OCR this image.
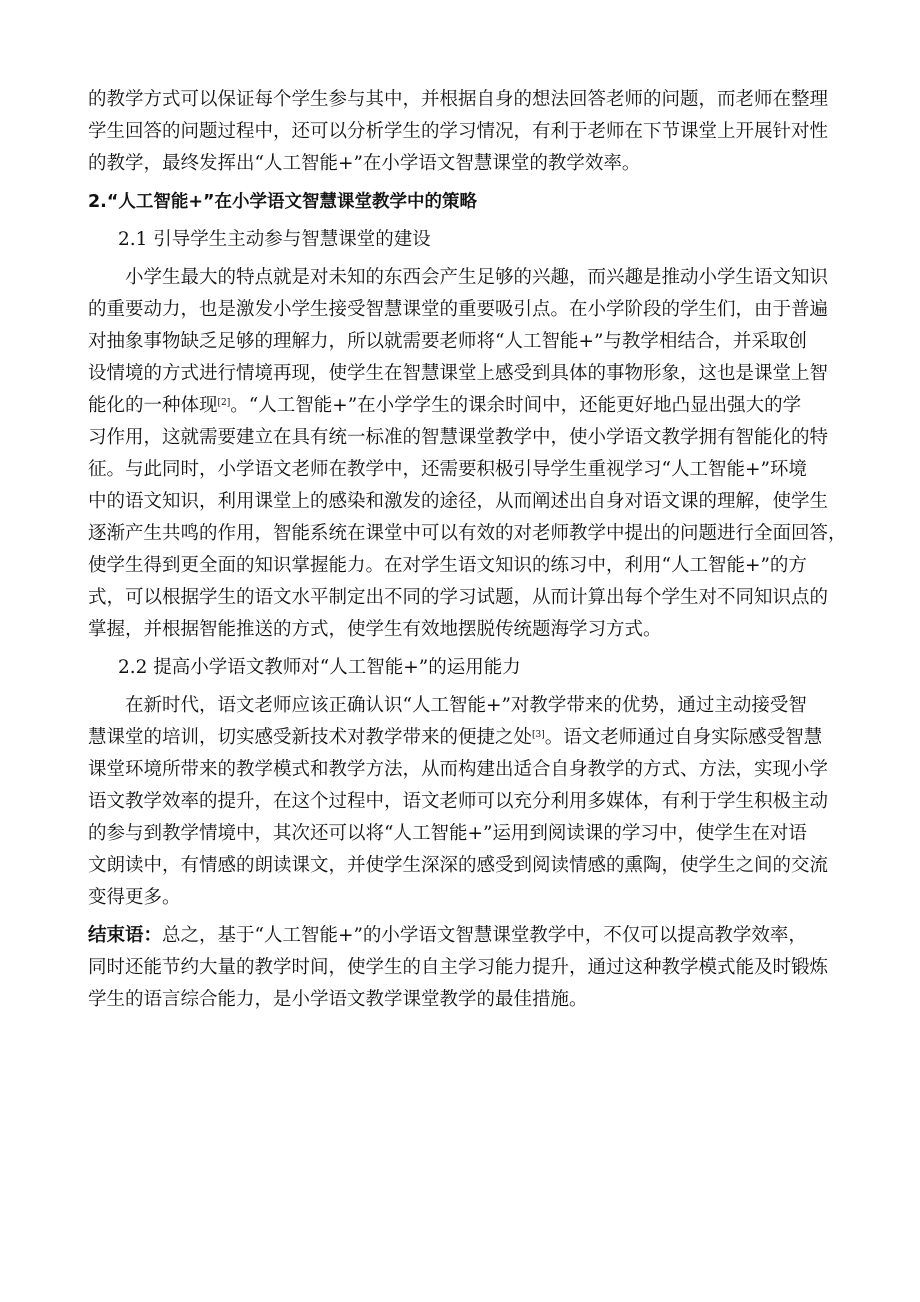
的教学方式可以保证每个学生参与其中，并根据自身的想法回答老师的问题，而老师在整理

学生回答的问题过程中，还可以分析学生的学习情况，有利于老师在下节课堂上开展针对性

的教学，最终发挥出“人工智能+”在小学语文智慧课堂的教学效率。

2.“人工智能+”在小学语文智慧课堂教学中的策略
2.1 引导学生主动参与智慧课堂的建设

小学生最大的特点就是对未知的东西会产生足够的兴趣，而兴趣是推动小学生语文知识

的重要动力，也是激发小学生接受智慧课堂的重要吸引点。在小学阶段的学生们，由于普遍

对抽象事物缺乏足够的理解力，所以就需要老师将“人工智能+”与教学相结合，并采取创

设情境的方式进行情境再现，使学生在智慧课堂上感受到具体的事物形象，这也是课堂上智

能化的一种体现[2]。“人工智能+”在小学学生的课余时间中，还能更好地凸显出强大的学

习作用，这就需要建立在具有统一标准的智慧课堂教学中，使小学语文教学拥有智能化的特

征。与此同时，小学语文老师在教学中，还需要积极引导学生重视学习“人工智能+”环境

中的语文知识，利用课堂上的感染和激发的途径，从而阐述出自身对语文课的理解，使学生

逐渐产生共鸣的作用，智能系统在课堂中可以有效的对老师教学中提出的问题进行全面回答，

使学生得到更全面的知识掌握能力。在对学生语文知识的练习中，利用“人工智能+”的方

式，可以根据学生的语文水平制定出不同的学习试题，从而计算出每个学生对不同知识点的

掌握，并根据智能推送的方式，使学生有效地摆脱传统题海学习方式。

2.2 提高小学语文教师对“人工智能+”的运用能力

在新时代，语文老师应该正确认识“人工智能+”对教学带来的优势，通过主动接受智

慧课堂的培训，切实感受新技术对教学带来的便捷之处[3]。语文老师通过自身实际感受智慧

课堂环境所带来的教学模式和教学方法，从而构建出适合自身教学的方式、方法，实现小学

语文教学效率的提升，在这个过程中，语文老师可以充分利用多媒体，有利于学生积极主动

的参与到教学情境中，其次还可以将“人工智能+”运用到阅读课的学习中，使学生在对语

文朗读中，有情感的朗读课文，并使学生深深的感受到阅读情感的熏陶，使学生之间的交流

变得更多。

结束语：总之，基于“人工智能+”的小学语文智慧课堂教学中，不仅可以提高教学效率，

同时还能节约大量的教学时间，使学生的自主学习能力提升，通过这种教学模式能及时锻炼

学生的语言综合能力，是小学语文教学课堂教学的最佳措施。
